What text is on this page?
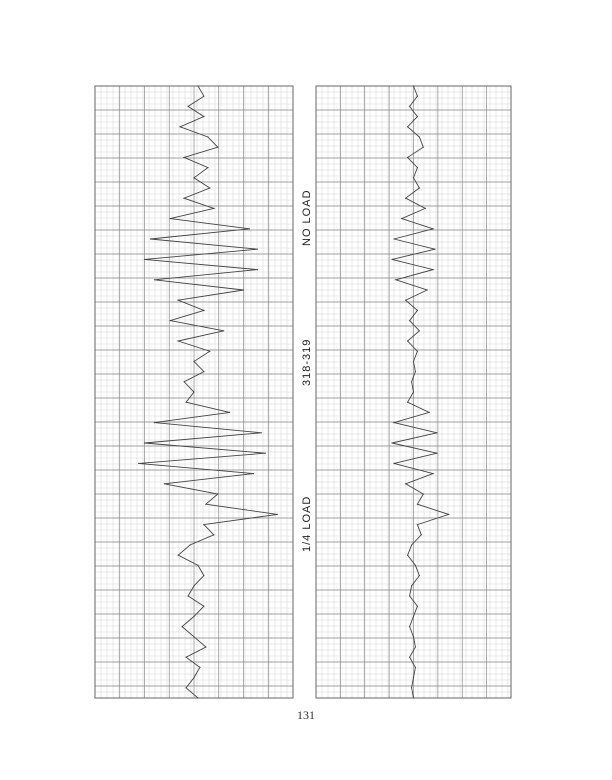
NO LOAD
318-319
1/4 LOAD
131
